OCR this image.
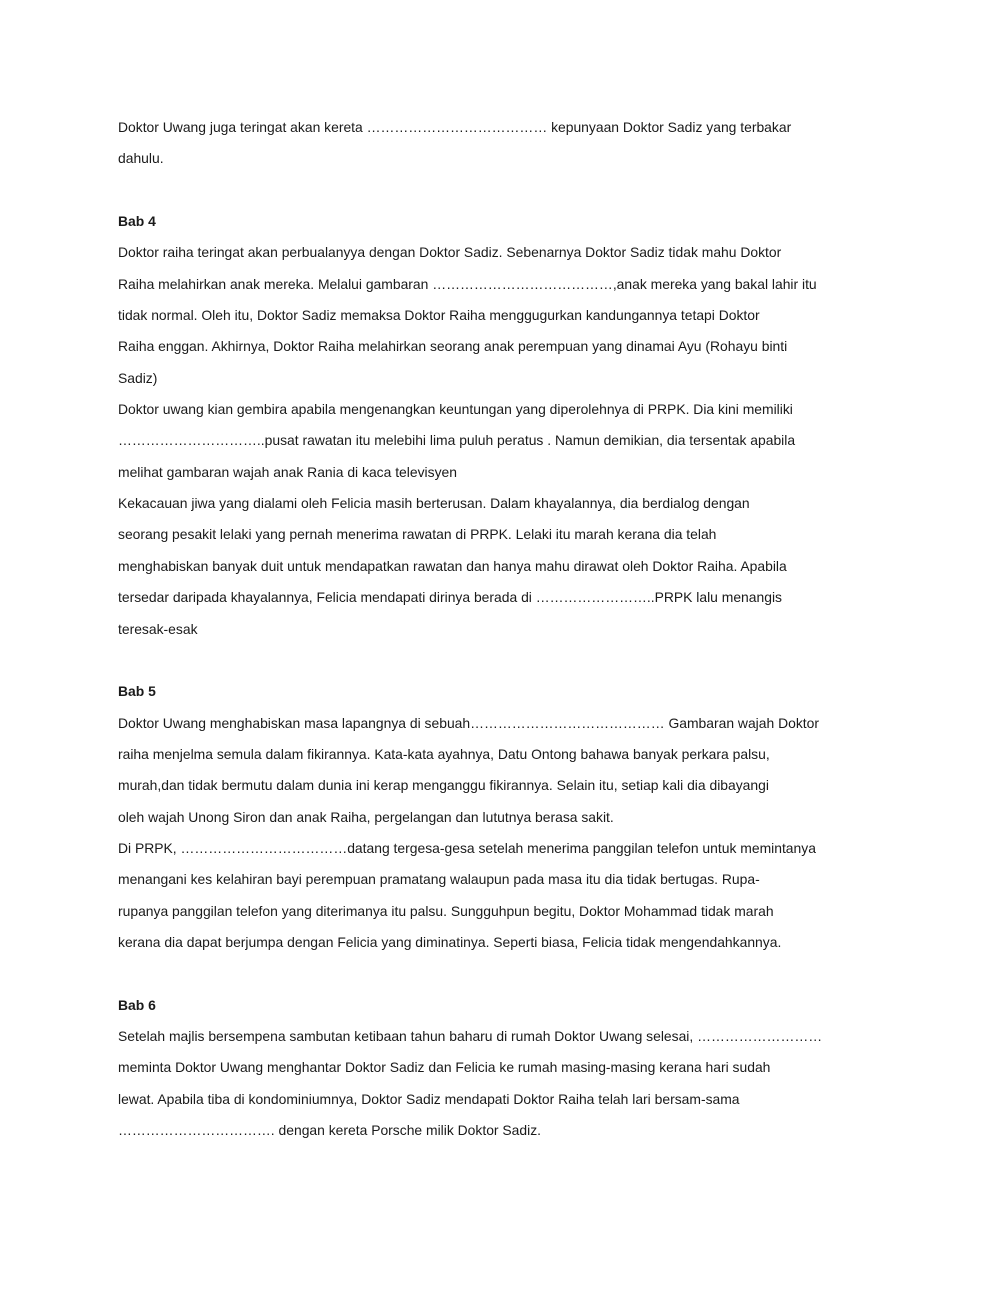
Doktor Uwang juga teringat akan kereta ………………………………… kepunyaan Doktor Sadiz yang terbakar
dahulu.
Bab 4
Doktor raiha teringat akan perbualanyya dengan Doktor Sadiz. Sebenarnya Doktor Sadiz tidak mahu Doktor
Raiha melahirkan anak mereka. Melalui gambaran …………………………………,anak mereka yang bakal lahir itu
tidak normal. Oleh itu, Doktor Sadiz memaksa Doktor Raiha menggugurkan kandungannya tetapi Doktor
Raiha enggan. Akhirnya, Doktor Raiha melahirkan seorang anak perempuan yang dinamai Ayu (Rohayu binti
Sadiz)
Doktor uwang kian gembira apabila mengenangkan keuntungan yang diperolehnya di PRPK. Dia kini memiliki
…………………………..pusat rawatan itu melebihi lima puluh peratus . Namun demikian, dia tersentak apabila
melihat gambaran wajah anak Rania di kaca televisyen
Kekacauan jiwa yang dialami oleh Felicia masih berterusan. Dalam khayalannya, dia berdialog dengan
seorang pesakit lelaki yang pernah menerima rawatan di PRPK. Lelaki itu marah kerana dia telah
menghabiskan banyak duit untuk mendapatkan rawatan dan hanya mahu dirawat oleh Doktor Raiha. Apabila
tersedar daripada khayalannya, Felicia mendapati dirinya berada di ……………………..PRPK lalu menangis
teresak-esak
Bab 5
Doktor Uwang menghabiskan masa lapangnya di sebuah…………………………………… Gambaran wajah Doktor
raiha menjelma semula dalam fikirannya. Kata-kata ayahnya, Datu Ontong bahawa banyak perkara palsu,
murah,dan tidak bermutu dalam dunia ini kerap menganggu fikirannya. Selain itu, setiap kali dia dibayangi
oleh wajah Unong Siron dan anak Raiha, pergelangan dan lututnya berasa sakit.
Di PRPK, ………………………………datang tergesa-gesa setelah menerima panggilan telefon untuk memintanya
menangani kes kelahiran bayi perempuan pramatang walaupun pada masa itu dia tidak bertugas. Rupa-
rupanya panggilan telefon yang diterimanya itu palsu. Sungguhpun begitu, Doktor Mohammad tidak marah
kerana dia dapat berjumpa dengan Felicia yang diminatinya. Seperti biasa, Felicia tidak mengendahkannya.
Bab 6
Setelah majlis bersempena sambutan ketibaan tahun baharu di rumah Doktor Uwang selesai, ………………………
meminta Doktor Uwang menghantar Doktor Sadiz dan Felicia ke rumah masing-masing kerana hari sudah
lewat. Apabila tiba di kondominiumnya, Doktor Sadiz mendapati Doktor Raiha telah lari bersam-sama
……………………………. dengan kereta Porsche milik Doktor Sadiz.
